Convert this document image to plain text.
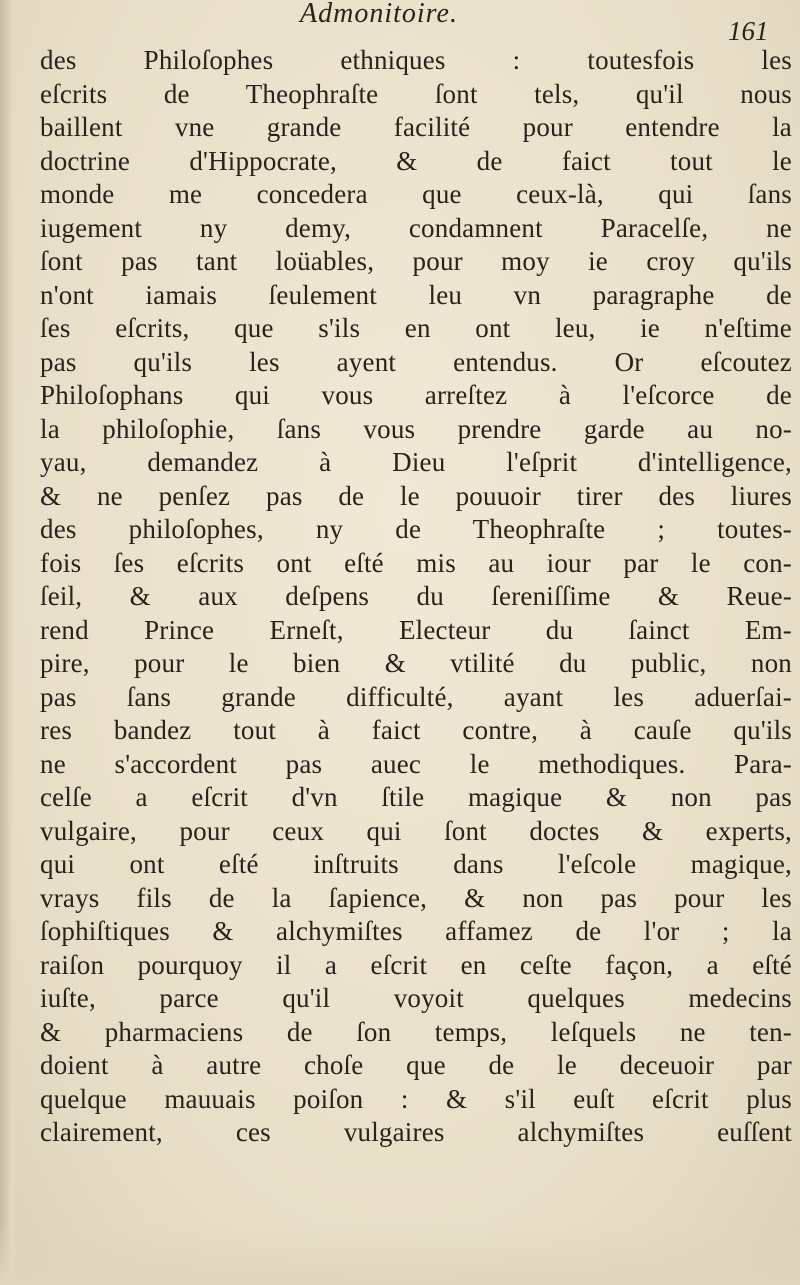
Admonitoire.
161
des Philoſophes ethniques : toutesfois les
eſcrits de Theophraſte ſont tels, qu'il nous
baillent vne grande facilité pour entendre la
doctrine d'Hippocrate, & de faict tout le
monde me concedera que ceux-là, qui ſans
iugement ny demy, condamnent Paracelſe, ne
ſont pas tant loüables, pour moy ie croy qu'ils
n'ont iamais ſeulement leu vn paragraphe de
ſes eſcrits, que s'ils en ont leu, ie n'eſtime
pas qu'ils les ayent entendus. Or eſcoutez
Philoſophans qui vous arreſtez à l'eſcorce de
la philoſophie, ſans vous prendre garde au no-
yau, demandez à Dieu l'eſprit d'intelligence,
& ne penſez pas de le pouuoir tirer des liures
des philoſophes, ny de Theophraſte ; toutes-
fois ſes eſcrits ont eſté mis au iour par le con-
ſeil, & aux deſpens du ſereniſſime & Reue-
rend Prince Erneſt, Electeur du ſainct Em-
pire, pour le bien & vtilité du public, non
pas ſans grande difficulté, ayant les aduerſai-
res bandez tout à faict contre, à cauſe qu'ils
ne s'accordent pas auec le methodiques. Para-
celſe a eſcrit d'vn ſtile magique & non pas
vulgaire, pour ceux qui ſont doctes & experts,
qui ont eſté inſtruits dans l'eſcole magique,
vrays fils de la ſapience, & non pas pour les
ſophiſtiques & alchymiſtes affamez de l'or ; la
raiſon pourquoy il a eſcrit en ceſte façon, a eſté
iuſte, parce qu'il voyoit quelques medecins
& pharmaciens de ſon temps, leſquels ne ten-
doient à autre choſe que de le deceuoir par
quelque mauuais poiſon : & s'il euſt eſcrit plus
clairement, ces vulgaires alchymiſtes euſſent
